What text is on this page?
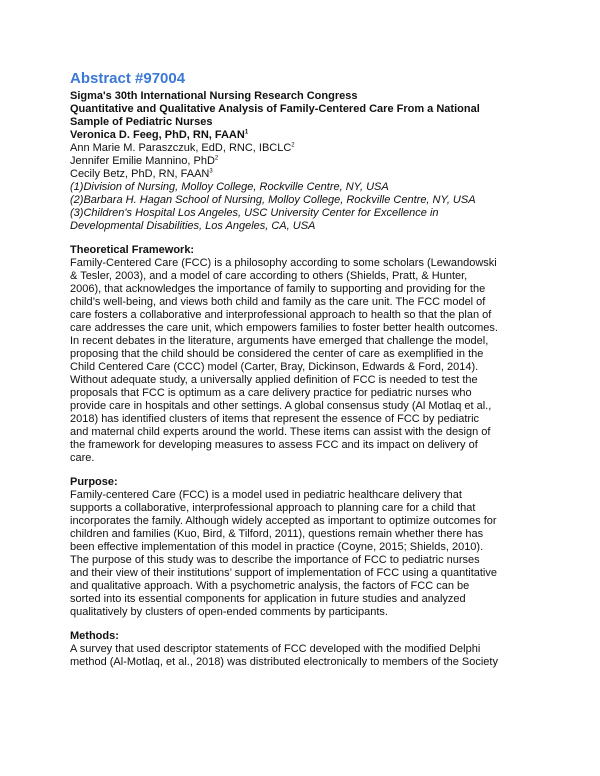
Abstract #97004
Sigma's 30th International Nursing Research Congress
Quantitative and Qualitative Analysis of Family-Centered Care From a National
Sample of Pediatric Nurses
Veronica D. Feeg, PhD, RN, FAAN$^1$
Ann Marie M. Paraszczuk, EdD, RNC, IBCLC$^2$
Jennifer Emilie Mannino, PhD$^2$
Cecily Betz, PhD, RN, FAAN$^3$
(1)Division of Nursing, Molloy College, Rockville Centre, NY, USA
(2)Barbara H. Hagan School of Nursing, Molloy College, Rockville Centre, NY, USA
(3)Children's Hospital Los Angeles, USC University Center for Excellence in
Developmental Disabilities, Los Angeles, CA, USA
Theoretical Framework:
Family-Centered Care (FCC) is a philosophy according to some scholars (Lewandowski
& Tesler, 2003), and a model of care according to others (Shields, Pratt, & Hunter,
2006), that acknowledges the importance of family to supporting and providing for the
child’s well-being, and views both child and family as the care unit. The FCC model of
care fosters a collaborative and interprofessional approach to health so that the plan of
care addresses the care unit, which empowers families to foster better health outcomes.
In recent debates in the literature, arguments have emerged that challenge the model,
proposing that the child should be considered the center of care as exemplified in the
Child Centered Care (CCC) model (Carter, Bray, Dickinson, Edwards & Ford, 2014).
Without adequate study, a universally applied definition of FCC is needed to test the
proposals that FCC is optimum as a care delivery practice for pediatric nurses who
provide care in hospitals and other settings. A global consensus study (Al Motlaq et al.,
2018) has identified clusters of items that represent the essence of FCC by pediatric
and maternal child experts around the world. These items can assist with the design of
the framework for developing measures to assess FCC and its impact on delivery of
care.
Purpose:
Family-centered Care (FCC) is a model used in pediatric healthcare delivery that
supports a collaborative, interprofessional approach to planning care for a child that
incorporates the family. Although widely accepted as important to optimize outcomes for
children and families (Kuo, Bird, & Tilford, 2011), questions remain whether there has
been effective implementation of this model in practice (Coyne, 2015; Shields, 2010).
The purpose of this study was to describe the importance of FCC to pediatric nurses
and their view of their institutions’ support of implementation of FCC using a quantitative
and qualitative approach. With a psychometric analysis, the factors of FCC can be
sorted into its essential components for application in future studies and analyzed
qualitatively by clusters of open-ended comments by participants.
Methods:
A survey that used descriptor statements of FCC developed with the modified Delphi
method (Al-Motlaq, et al., 2018) was distributed electronically to members of the Society
